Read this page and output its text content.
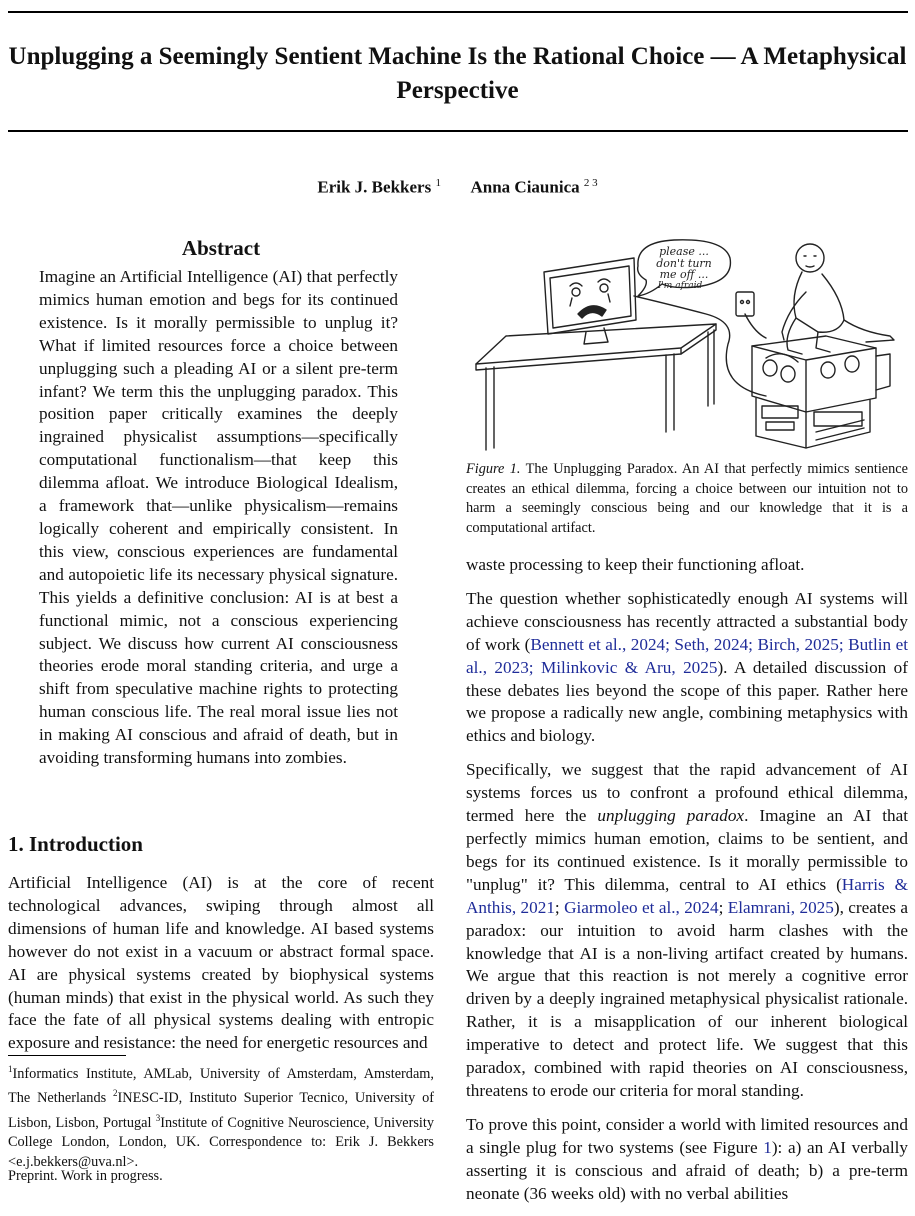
Unplugging a Seemingly Sentient Machine Is the Rational Choice — A Metaphysical Perspective
Erik J. Bekkers $^1$ Anna Ciaunica $^{2 3}$
Abstract

Imagine an Artificial Intelligence (AI) that perfectly mimics human emotion and begs for its continued existence. Is it morally permissible to unplug it? What if limited resources force a choice between unplugging such a pleading AI or a silent pre-term infant? We term this the unplugging paradox. This position paper critically examines the deeply ingrained physicalist assumptions—specifically computational functionalism—that keep this dilemma afloat. We introduce Biological Idealism, a framework that—unlike physicalism—remains logically coherent and empirically consistent. In this view, conscious experiences are fundamental and autopoietic life its necessary physical signature. This yields a definitive conclusion: AI is at best a functional mimic, not a conscious experiencing subject. We discuss how current AI consciousness theories erode moral standing criteria, and urge a shift from speculative machine rights to protecting human conscious life. The real moral issue lies not in making AI conscious and afraid of death, but in avoiding transforming humans into zombies.

1. Introduction

Artificial Intelligence (AI) is at the core of recent technological advances, swiping through almost all dimensions of human life and knowledge. AI based systems however do not exist in a vacuum or abstract formal space. AI are physical systems created by biophysical systems (human minds) that exist in the physical world. As such they face the fate of all physical systems dealing with entropic exposure and resistance: the need for energetic resources and

$^1$Informatics Institute, AMLab, University of Amsterdam, Amsterdam, The Netherlands $^2$INESC-ID, Instituto Superior Tecnico, University of Lisbon, Lisbon, Portugal $^3$Institute of Cognitive Neuroscience, University College London, London, UK. Correspondence to: Erik J. Bekkers <e.j.bekkers@uva.nl>.

Preprint. Work in progress.
please ...
don't turn
me off ...
I'm afraid

Figure 1. The Unplugging Paradox. An AI that perfectly mimics sentience creates an ethical dilemma, forcing a choice between our intuition not to harm a seemingly conscious being and our knowledge that it is a computational artifact.

waste processing to keep their functioning afloat.

The question whether sophisticatedly enough AI systems will achieve consciousness has recently attracted a substantial body of work (Bennett et al., 2024; Seth, 2024; Birch, 2025; Butlin et al., 2023; Milinkovic & Aru, 2025). A detailed discussion of these debates lies beyond the scope of this paper. Rather here we propose a radically new angle, combining metaphysics with ethics and biology.

Specifically, we suggest that the rapid advancement of AI systems forces us to confront a profound ethical dilemma, termed here the unplugging paradox. Imagine an AI that perfectly mimics human emotion, claims to be sentient, and begs for its continued existence. Is it morally permissible to "unplug" it? This dilemma, central to AI ethics (Harris & Anthis, 2021; Giarmoleo et al., 2024; Elamrani, 2025), creates a paradox: our intuition to avoid harm clashes with the knowledge that AI is a non-living artifact created by humans. We argue that this reaction is not merely a cognitive error driven by a deeply ingrained metaphysical physicalist rationale. Rather, it is a misapplication of our inherent biological imperative to detect and protect life. We suggest that this paradox, combined with rapid theories on AI consciousness, threatens to erode our criteria for moral standing.

To prove this point, consider a world with limited resources and a single plug for two systems (see Figure 1): a) an AI verbally asserting it is conscious and afraid of death; b) a pre-term neonate (36 weeks old) with no verbal abilities
